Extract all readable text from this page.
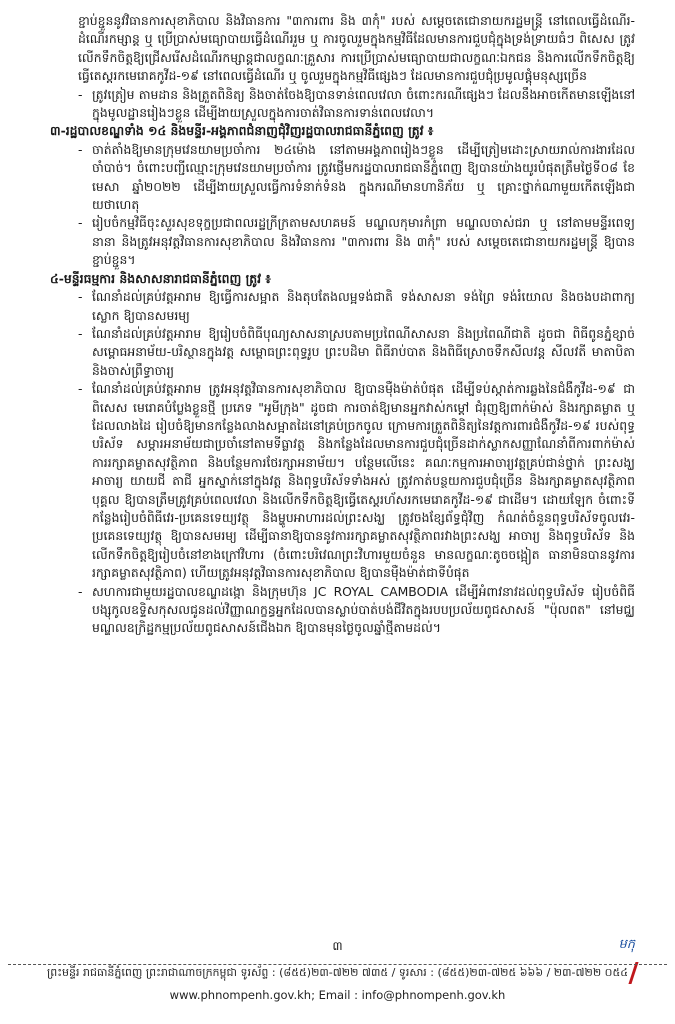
ខ្ជាប់ខ្ជួននូវវិធានការសុខាភិបាល និងវិធានការ "៣ការពារ និង ៣កុំ" របស់ សម្ដេចតេជោនាយករដ្ឋមន្ត្រី នៅពេលធ្វើដំណើរ-ដំណើរកម្សាន្ត ឬ ប្រើប្រាស់មធ្យោបាយធ្វើដំណើររួម ឬ ការចូលរួមក្នុងកម្មវិធីដែលមានការជួបជុំក្នុងទ្រង់ទ្រាយធំៗ ពិសេស ត្រូវលើកទឹកចិត្តឱ្យជ្រើសរើសដំណើរកម្សាន្តជាលក្ខណៈគ្រួសារ ការប្រើប្រាស់មធ្យោបាយជាលក្ខណៈឯកជន និងការលើកទឹកចិត្តឱ្យធ្វើតេស្តរកមេរោគកូវីដ-១៩ នៅពេលធ្វើដំណើរ ឬ ចូលរួមក្នុងកម្មវិធីផ្សេងៗ ដែលមានការជួបជុំប្រមូលផ្ដុំមនុស្សច្រើន

- ត្រូវត្រៀម តាមដាន និងត្រួតពិនិត្យ និងចាត់ចែងឱ្យបានទាន់ពេលវេលា ចំពោះករណីផ្សេងៗ ដែលនឹងអាចកើតមានឡើងនៅក្នុងមូលដ្ឋានរៀងៗខ្លួន ដើម្បីងាយស្រួលក្នុងការចាត់វិធានការទាន់ពេលវេលា។

៣-រដ្ឋបាលខណ្ឌទាំង ១៤ និងមន្ទីរ-អង្គភាពជំនាញជុំវិញរដ្ឋបាលរាជធានីភ្នំពេញ ត្រូវ ៖

- ចាត់តាំងឱ្យមានក្រុមវេនយាមប្រចាំការ ២៤ម៉ោង នៅតាមអង្គភាពរៀងៗខ្លួន ដើម្បីត្រៀមដោះស្រាយរាល់ការងារដែលចាំបាច់។ ចំពោះបញ្ជីឈ្មោះក្រុមវេនយាមប្រចាំការ ត្រូវផ្ញើមករដ្ឋបាលរាជធានីភ្នំពេញ ឱ្យបានយ៉ាងយូរបំផុតត្រឹមថ្ងៃទី០៨ ខែមេសា ឆ្នាំ២០២២ ដើម្បីងាយស្រួលធ្វើការទំនាក់ទំនង ក្នុងករណីមានហានិភ័យ ឬ គ្រោះថ្នាក់ណាមួយកើតឡើងជាយថាហេតុ
- រៀបចំកម្មវិធីចុះសួរសុខទុក្ខប្រជាពលរដ្ឋក្រីក្រតាមសហគមន៍ មណ្ឌលកុមារកំព្រា មណ្ឌលចាស់ជរា ឬ នៅតាមមន្ទីរពេទ្យនានា និងត្រូវអនុវត្តវិធានការសុខាភិបាល និងវិធានការ "៣ការពារ និង ៣កុំ" របស់ សម្ដេចតេជោនាយករដ្ឋមន្ត្រី ឱ្យបានខ្ជាប់ខ្ជួន។

៤-មន្ទីរធម្មការ និងសាសនារាជធានីភ្នំពេញ ត្រូវ ៖

- ណែនាំដល់គ្រប់វត្តអារាម ឱ្យធ្វើការសម្អាត និងតុបតែងលម្អទង់ជាតិ ទង់សាសនា ទង់ព្រៃ ទង់រំយោល និងចងបដាពាក្យស្លោក ឱ្យបានសមរម្យ
- ណែនាំដល់គ្រប់វត្តអារាម ឱ្យរៀបចំពិធីបុណ្យសាសនាស្របតាមប្រពៃណីសាសនា និងប្រពៃណីជាតិ ដូចជា ពិធីពូនភ្នំខ្សាច់ សម្ពោធអនាម័យ-បរិស្ថានក្នុងវត្ត សម្ពោធព្រះពុទ្ធរូប ព្រះបដិមា ពិធីរាប់បាត និងពិធីស្រោចទឹកសីលវន្ត សីលវតី មាតាបិតា និងចាស់ព្រឹទ្ធាចារ្យ
- ណែនាំដល់គ្រប់វត្តអារាម ត្រូវអនុវត្តវិធានការសុខាភិបាល ឱ្យបានម៉ឺងម៉ាត់បំផុត ដើម្បីទប់ស្កាត់ការឆ្លងនៃជំងឺកូវីដ-១៩ ជាពិសេស មេរោគបំប្លែងខ្លួនថ្មី ប្រភេទ "អូមីក្រុង" ដូចជា ការចាត់ឱ្យមានអ្នកវាស់កម្ដៅ ជំរុញឱ្យពាក់ម៉ាស់ និងរក្សាគម្លាត ឬ ដែលលាងដៃ រៀបចំឱ្យមានកន្លែងលាងសម្អាតដៃនៅគ្រប់ច្រកចូល ក្រោមការត្រួតពិនិត្យនៃវត្តការពារជំងឺកូវីដ-១៩ របស់ពុទ្ធបរិស័ទ សម្ភារអនាម័យជាប្រចាំនៅតាមទីធ្លាវត្ត និងកន្លែងដែលមានការជួបជុំច្រើនដាក់ស្លាកសញ្ញាណែនាំពីការពាក់ម៉ាស់ ការរក្សាគម្លាតសុវត្ថិភាព និងបន្ថែមការថែរក្សាអនាម័យ។ បន្ថែមលើនេះ គណៈកម្មការអាចារ្យវត្តគ្រប់ជាន់ថ្នាក់ ព្រះសង្ឃ អាចារ្យ យាយជី តាជី អ្នកស្នាក់នៅក្នុងវត្ត និងពុទ្ធបរិស័ទទាំងអស់ ត្រូវកាត់បន្ថយការជួបជុំច្រើន និងរក្សាគម្លាតសុវត្ថិភាពបុគ្គល ឱ្យបានត្រឹមត្រូវគ្រប់ពេលវេលា និងលើកទឹកចិត្តឱ្យធ្វើតេស្តរហ័សរកមេរោគកូវីដ-១៩ ជាដើម។ ដោយឡែក ចំពោះទីកន្លែងរៀបចំពិធីវេរ-ប្រគេនទេយ្យវត្ថុ និងម្ហូបអាហារដល់ព្រះសង្ឃ ត្រូវចងខ្សែព័ទ្ធជុំវិញ កំណត់ចំនួនពុទ្ធបរិស័ទចូលវេរ-ប្រគេនទេយ្យវត្ថុ ឱ្យបានសមរម្យ ដើម្បីធានាឱ្យបាននូវការរក្សាគម្លាតសុវត្ថិភាពរវាងព្រះសង្ឃ អាចារ្យ និងពុទ្ធបរិស័ទ និងលើកទឹកចិត្តឱ្យរៀបចំនៅខាងក្រៅវិហារ (ចំពោះបរិវេណព្រះវិហារមួយចំនួន មានលក្ខណៈតូចចង្អៀត ធានាមិនបាននូវការរក្សាគម្លាតសុវត្ថិភាព) ហើយត្រូវអនុវត្តវិធានការសុខាភិបាល ឱ្យបានម៉ឺងម៉ាត់ជាទីបំផុត
- សហការជាមួយរដ្ឋបាលខណ្ឌដង្កោ និងក្រុមហ៊ុន JC ROYAL CAMBODIA ដើម្បីអំពាវនាវដល់ពុទ្ធបរិស័ទ រៀបចំពិធីបង្សុកូលឧទ្ទិសកុសលជូនដល់វិញ្ញាណក្ខន្ធអ្នកដែលបានស្លាប់បាត់បង់ជីវិតក្នុងរបបប្រល័យពូជសាសន៍ "ប៉ុលពត" នៅមជ្ឈមណ្ឌលឧក្រិដ្ឋកម្មប្រល័យពូជសាសន៍ជើងឯក ឱ្យបានមុនថ្ងៃចូលឆ្នាំថ្មីតាមដល់។
៣	មកុ
ព្រះមន្ទីរ រាជធានីភ្នំពេញ ព្រះរាជាណាចក្រកម្ពុជា ទូរស័ព្ទ : (៨៥៥)២៣-៧២២ ៧៣៥ / ទូរសារ : (៨៥៥)២៣-៧២៥ ៦៦៦ / ២៣-៧២២ ០៥៤
www.phnompenh.gov.kh; Email : info@phnompenh.gov.kh
